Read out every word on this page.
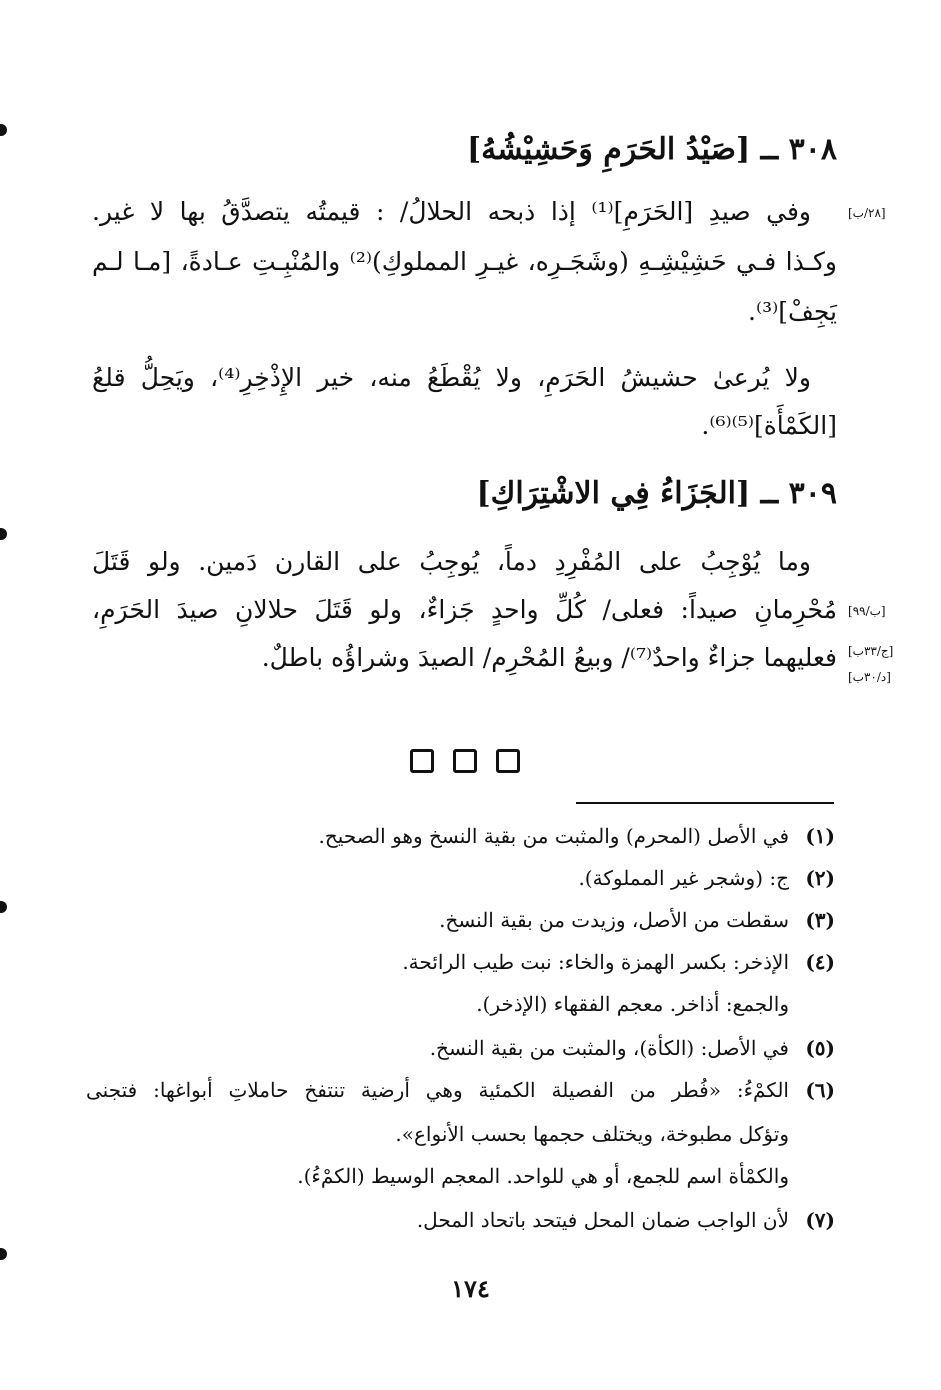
٣٠٨ ــ [صَيْدُ الحَرَمِ وَحَشِيْشُهُ]
[٢٨/ب]
وفي صيدِ [الحَرَمِ]⁽¹⁾ إذا ذبحه الحلالُ/ : قيمتُه يتصدَّقُ بها لا غير.
وكـذا فـي حَشِيْشِـهِ (وشَجَـرِه، غيـرِ المملوكِ)⁽²⁾ والمُنْبِـتِ عـادةً، [مـا لـم
يَجِفْ]⁽³⁾.
ولا يُرعىٰ حشيشُ الحَرَمِ، ولا يُقْطَعُ منه، خير الإِذْخِرِ⁽⁴⁾، ويَحِلُّ قلعُ
[الكَمْأَة]⁽⁵⁾⁽⁶⁾.
٣٠٩ ــ [الجَزَاءُ فِي الاشْتِرَاكِ]
وما يُوْجِبُ على المُفْرِدِ دماً، يُوجِبُ على القارن دَمين. ولو قَتَلَ
مُحْرِمانِ صيداً: فعلى/ كُلِّ واحدٍ جَزاءٌ، ولو قَتَلَ حلالانِ صيدَ الحَرَمِ،
فعليهما جزاءٌ واحدٌ⁽⁷⁾/ وبيعُ المُحْرِم/ الصيدَ وشراؤُه باطلٌ.
[ب/٩٩]
[ج/٣٣ب]
[د/٣٠ب]
(١)في الأصل (المحرم) والمثبت من بقية النسخ وهو الصحيح.
(٢)ج: (وشجر غير المملوكة).
(٣)سقطت من الأصل، وزيدت من بقية النسخ.
(٤)الإذخر: بكسر الهمزة والخاء: نبت طيب الرائحة.
والجمع: أذاخر. معجم الفقهاء (الإذخر).
(٥)في الأصل: (الكأة)، والمثبت من بقية النسخ.
(٦)الكمْءُ: «فُطر من الفصيلة الكمئية وهي أرضية تنتفخ حاملاتِ أبواغها: فتجنى
وتؤكل مطبوخة، ويختلف حجمها بحسب الأنواع».
والكمْأة اسم للجمع، أو هي للواحد. المعجم الوسيط (الكمْءُ).
(٧)لأن الواجب ضمان المحل فيتحد باتحاد المحل.
١٧٤
